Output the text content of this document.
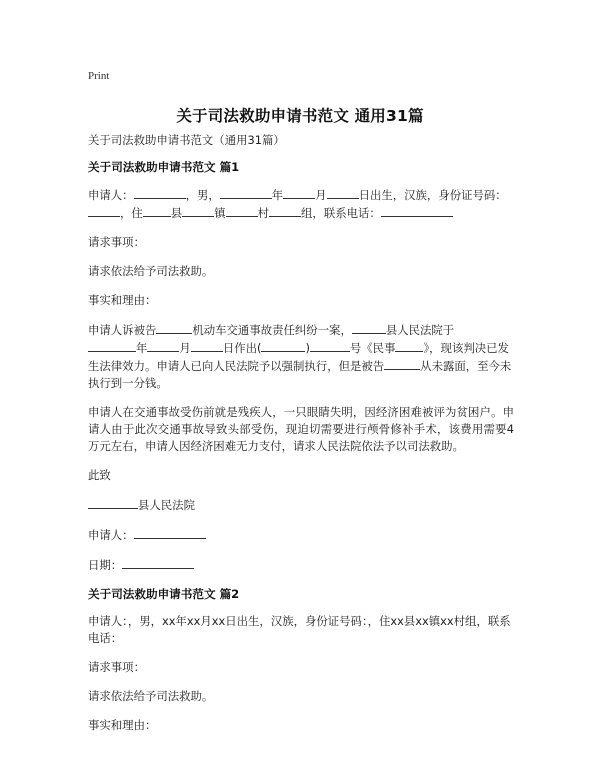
Print
关于司法救助申请书范文 通用31篇

关于司法救助申请书范文（通用31篇）

关于司法救助申请书范文 篇1

申请人：	，男，	年	月	日出生，汉族，身份证号码：，住 县	镇	村	组，联系电话：

请求事项：

请求依法给予司法救助。

事实和理由：

申请人诉被告	机动车交通事故责任纠纷一案，	县人民法院于
年	月	日作出(	)	号《民事 》，现该判决已发生法律效力。申请人已向人民法院予以强制执行，但是被告	从未露面，至今未执行到一分钱。

申请人在交通事故受伤前就是残疾人，一只眼睛失明，因经济困难被评为贫困户。申请人由于此次交通事故导致头部受伤，现迫切需要进行颅骨修补手术，该费用需要4万元左右，申请人因经济困难无力支付，请求人民法院依法予以司法救助。

此致

县人民法院

申请人：

日期：

关于司法救助申请书范文 篇2

申请人：，男，xx年xx月xx日出生，汉族，身份证号码：，住xx县xx镇xx村组，联系电话：

请求事项：

请求依法给予司法救助。

事实和理由：
